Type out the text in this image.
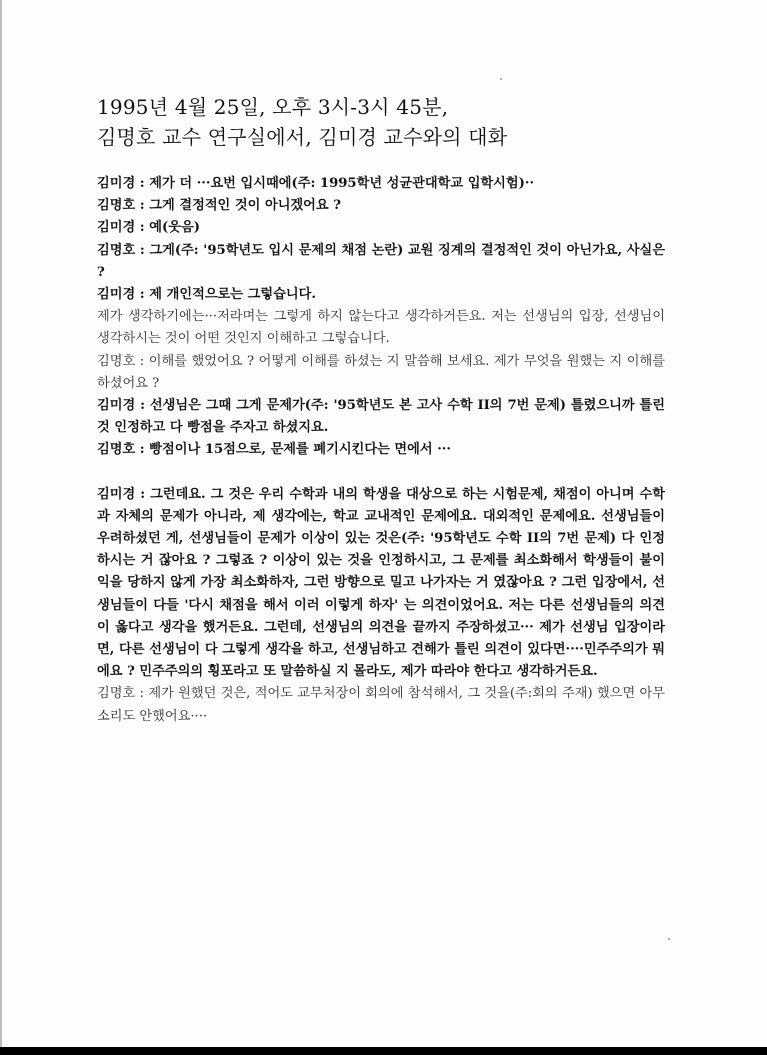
1995년 4월 25일, 오후 3시-3시 45분,
김명호 교수 연구실에서, 김미경 교수와의 대화

김미경 : 제가 더 ···요번 입시때에(주: 1995학년 성균관대학교 입학시험)··

김명호 : 그게 결정적인 것이 아니겠어요 ?

김미경 : 예(웃음)

김명호 : 그게(주: '95학년도 입시 문제의 채점 논란) 교원 징계의 결정적인 것이 아닌가요, 사실은 ?

김미경 : 제 개인적으로는 그렇습니다.

제가 생각하기에는···저라며는 그렇게 하지 않는다고 생각하거든요. 저는 선생님의 입장, 선생님이 생각하시는 것이 어떤 것인지 이해하고 그렇습니다.

김명호 : 이해를 했었어요 ? 어떻게 이해를 하셨는 지 말씀해 보세요. 제가 무엇을 원했는 지 이해를 하셨어요 ?

김미경 : 선생님은 그때 그게 문제가(주: '95학년도 본 고사 수학 II의 7번 문제) 틀렸으니까 틀린 것 인정하고 다 빵점을 주자고 하셨지요.

김명호 : 빵점이나 15점으로, 문제를 폐기시킨다는 면에서 ···

김미경 : 그런데요. 그 것은 우리 수학과 내의 학생을 대상으로 하는 시험문제, 채점이 아니며 수학과 자체의 문제가 아니라, 제 생각에는, 학교 교내적인 문제에요. 대외적인 문제에요. 선생님들이 우려하셨던 게, 선생님들이 문제가 이상이 있는 것은(주: '95학년도 수학 II의 7번 문제) 다 인정 하시는 거 잖아요 ? 그렇죠 ? 이상이 있는 것을 인정하시고, 그 문제를 최소화해서 학생들이 불이익을 당하지 않게 가장 최소화하자, 그런 방향으로 밀고 나가자는 거 였잖아요 ? 그런 입장에서, 선생님들이 다들 '다시 채점을 해서 이러 이렇게 하자' 는 의견이었어요. 저는 다른 선생님들의 의견이 옳다고 생각을 했거든요. 그런데, 선생님의 의견을 끝까지 주장하셨고··· 제가 선생님 입장이라면, 다른 선생님이 다 그렇게 생각을 하고, 선생님하고 견해가 틀린 의견이 있다면····민주주의가 뭐에요 ? 민주주의의 횡포라고 또 말씀하실 지 몰라도, 제가 따라야 한다고 생각하거든요.

김명호 : 제가 원했던 것은, 적어도 교무처장이 회의에 참석해서, 그 것을(주:회의 주재) 했으면 아무 소리도 안했어요····
